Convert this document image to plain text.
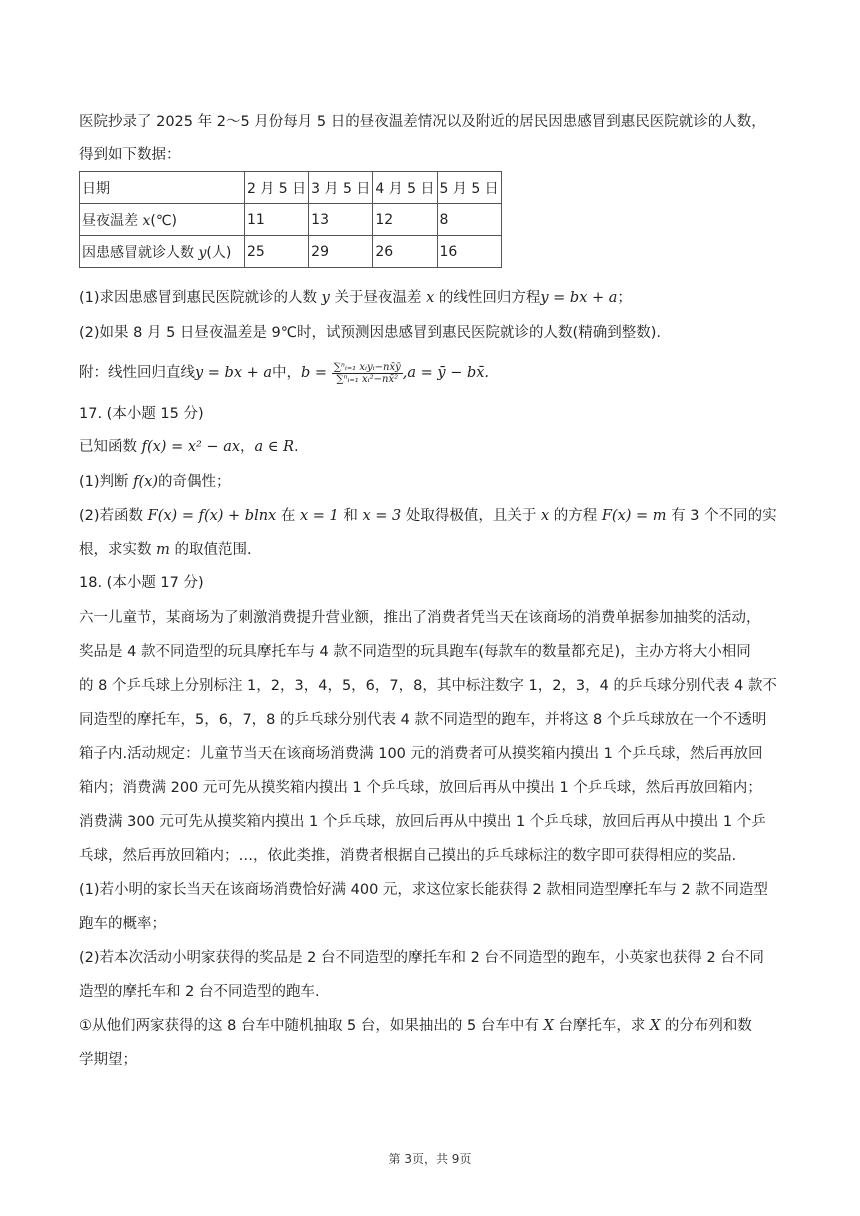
医院抄录了 2025 年 2～5 月份每月 5 日的昼夜温差情况以及附近的居民因患感冒到惠民医院就诊的人数，
得到如下数据：
日期	2 月 5 日	3 月 5 日	4 月 5 日	5 月 5 日
昼夜温差 x(℃)	11	13	12	8
因患感冒就诊人数 y(人)	25	29	26	16
(1)求因患感冒到惠民医院就诊的人数 y 关于昼夜温差 x 的线性回归方程y = bx + a；
(2)如果 8 月 5 日昼夜温差是 9℃时，试预测因患感冒到惠民医院就诊的人数(精确到整数).
附：线性回归直线y = bx + a中，$b = \frac{\text{∑ⁿᵢ₌₁ xᵢyᵢ−nx̄ȳ}}{\text{∑ⁿᵢ₌₁ xᵢ²−nx̄²}} ,a$ = ȳ − bx̄.
17. (本小题 15 分)
已知函数 f(x) = x² − ax，a ∈ R.
(1)判断 f(x)的奇偶性；
(2)若函数 F(x) = f(x) + blnx 在 x = 1 和 x = 3 处取得极值，且关于 x 的方程 F(x) = m 有 3 个不同的实
根，求实数 m 的取值范围.
18. (本小题 17 分)
六一儿童节，某商场为了刺激消费提升营业额，推出了消费者凭当天在该商场的消费单据参加抽奖的活动，
奖品是 4 款不同造型的玩具摩托车与 4 款不同造型的玩具跑车(每款车的数量都充足)，主办方将大小相同
的 8 个乒乓球上分别标注 1，2，3，4，5，6，7，8，其中标注数字 1，2，3，4 的乒乓球分别代表 4 款不
同造型的摩托车，5，6，7，8 的乒乓球分别代表 4 款不同造型的跑车，并将这 8 个乒乓球放在一个不透明
箱子内.活动规定：儿童节当天在该商场消费满 100 元的消费者可从摸奖箱内摸出 1 个乒乓球，然后再放回
箱内；消费满 200 元可先从摸奖箱内摸出 1 个乒乓球，放回后再从中摸出 1 个乒乓球，然后再放回箱内；
消费满 300 元可先从摸奖箱内摸出 1 个乒乓球，放回后再从中摸出 1 个乒乓球，放回后再从中摸出 1 个乒
乓球，然后再放回箱内；…，依此类推，消费者根据自己摸出的乒乓球标注的数字即可获得相应的奖品.
(1)若小明的家长当天在该商场消费恰好满 400 元，求这位家长能获得 2 款相同造型摩托车与 2 款不同造型
跑车的概率；
(2)若本次活动小明家获得的奖品是 2 台不同造型的摩托车和 2 台不同造型的跑车，小英家也获得 2 台不同
造型的摩托车和 2 台不同造型的跑车.
①从他们两家获得的这 8 台车中随机抽取 5 台，如果抽出的 5 台车中有 X 台摩托车，求 X 的分布列和数
学期望；
第 3页，共 9页
